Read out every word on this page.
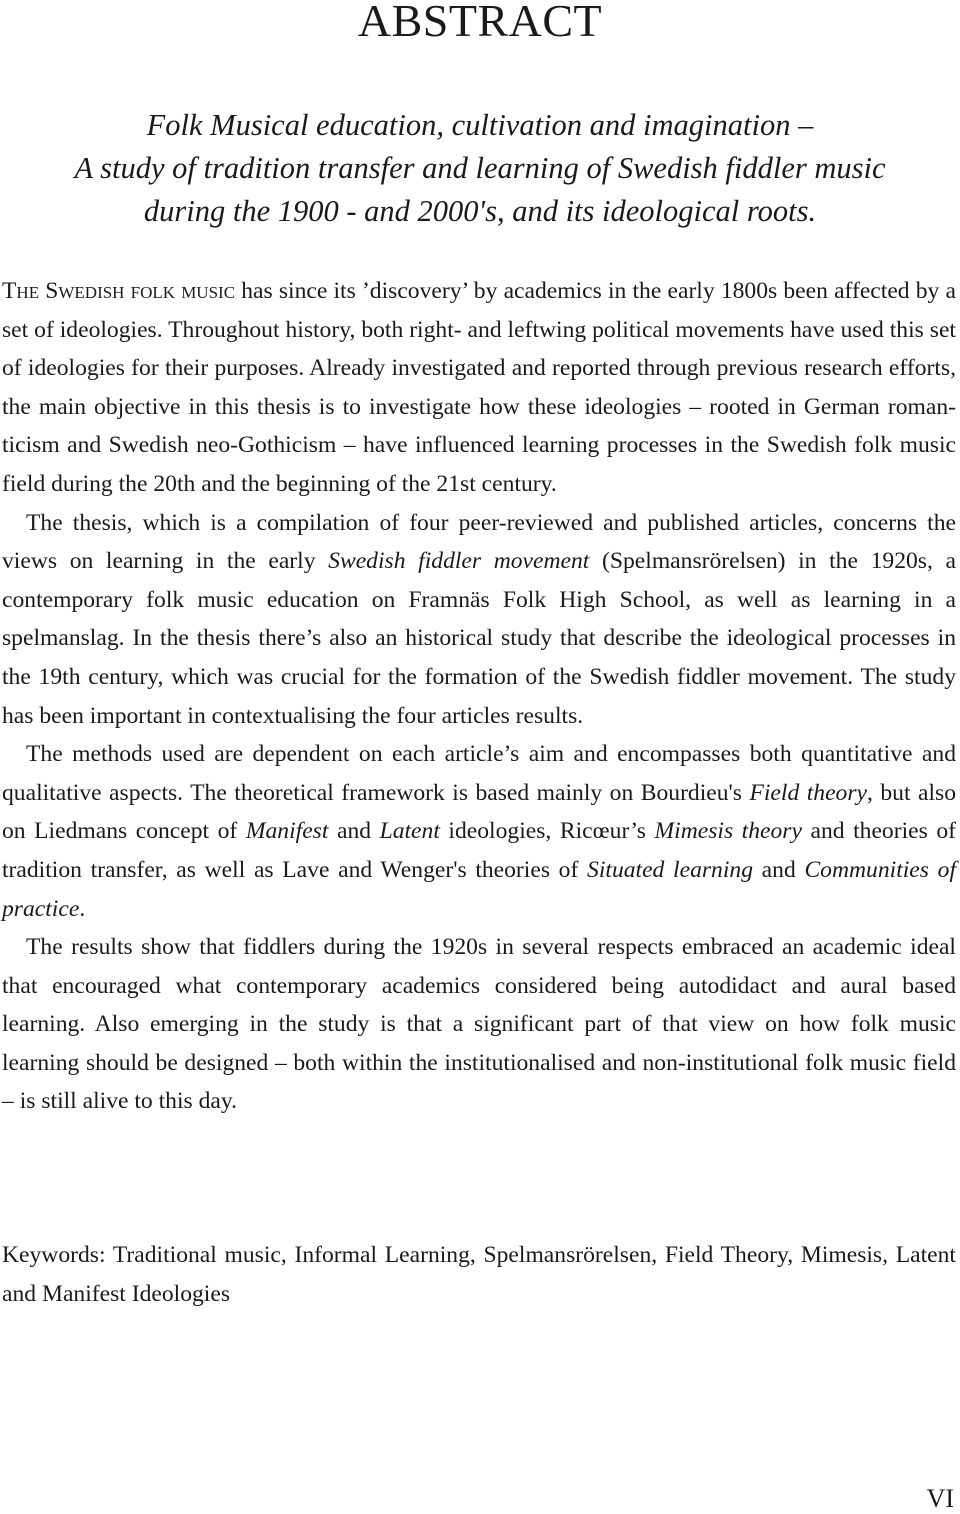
ABSTRACT
Folk Musical education, cultivation and imagination –
A study of tradition transfer and learning of Swedish fiddler music
during the 1900 - and 2000's, and its ideological roots.

The Swedish folk music has since its ’discovery’ by academics in the early 1800s been affected by a set of ideologies. Throughout history, both right- and leftwing political movements have used this set of ideologies for their purposes. Already investigated and reported through previous research efforts, the main objective in this thesis is to investigate how these ideologies – rooted in German romanticism and Swedish neo-Gothicism – have influenced learning processes in the Swedish folk music field during the 20th and the beginning of the 21st century.

The thesis, which is a compilation of four peer-reviewed and published articles, concerns the views on learning in the early Swedish fiddler movement (Spelmansrörelsen) in the 1920s, a contemporary folk music education on Framnäs Folk High School, as well as learning in a spelmanslag. In the thesis there’s also an historical study that describe the ideological processes in the 19th century, which was crucial for the formation of the Swedish fiddler movement. The study has been important in contextualising the four articles results.

The methods used are dependent on each article’s aim and encompasses both quantitative and qualitative aspects. The theoretical framework is based mainly on Bourdieu's Field theory, but also on Liedmans concept of Manifest and Latent ideologies, Ricœur’s Mimesis theory and theories of tradition transfer, as well as Lave and Wenger's theories of Situated learning and Communities of practice.

The results show that fiddlers during the 1920s in several respects embraced an academic ideal that encouraged what contemporary academics considered being autodidact and aural based learning. Also emerging in the study is that a significant part of that view on how folk music learning should be designed – both within the institutionalised and non-institutional folk music field – is still alive to this day.

Keywords: Traditional music, Informal Learning, Spelmansrörelsen, Field Theory, Mimesis, Latent and Manifest Ideologies
VI
